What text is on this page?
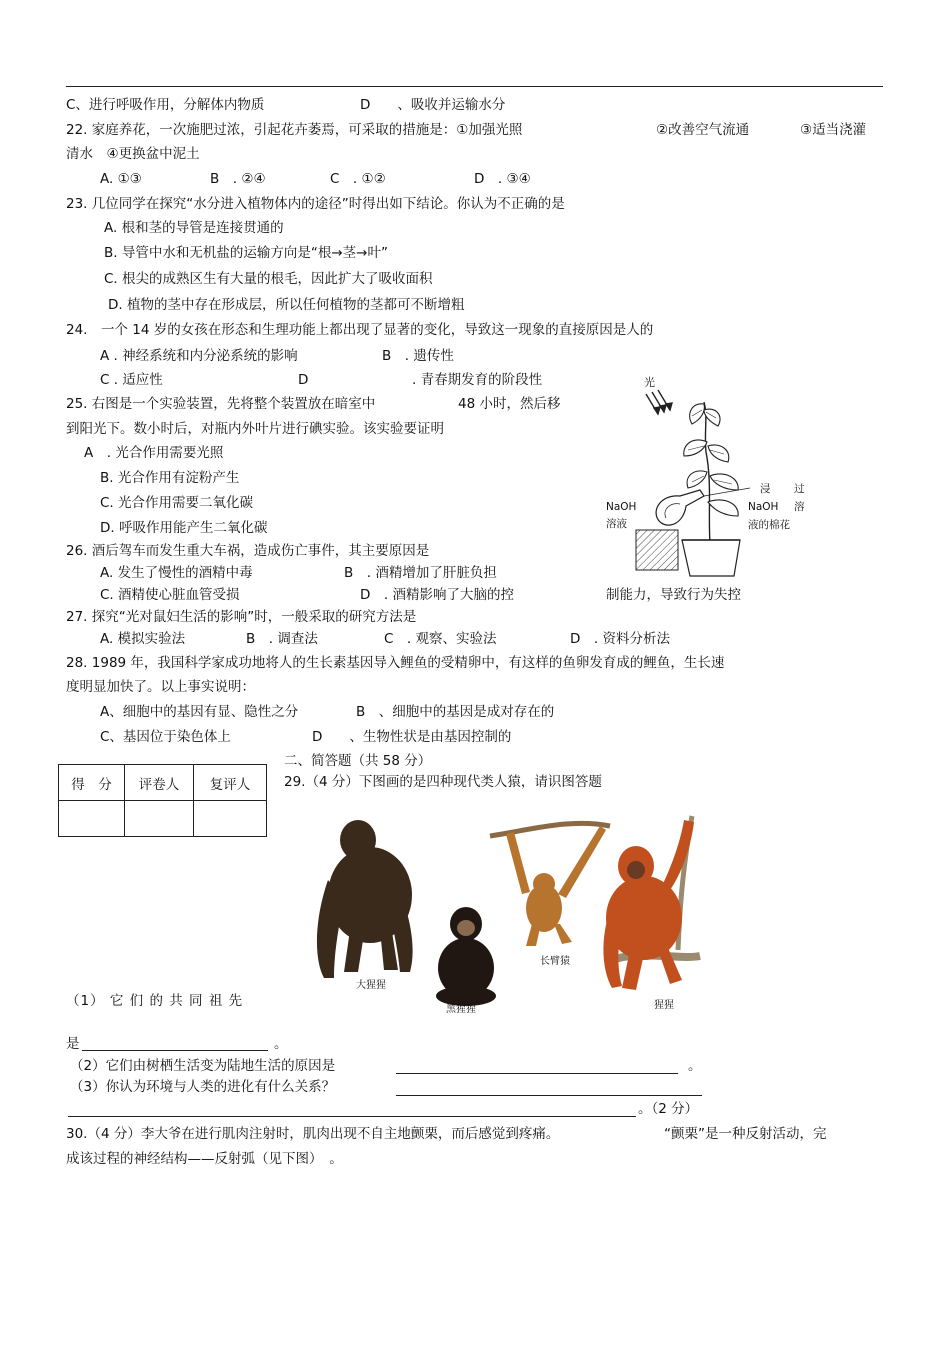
C、进行呼吸作用，分解体内物质	D　　、吸收并运输水分
22. 家庭养花，一次施肥过浓，引起花卉萎焉，可采取的措施是：①加强光照	②改善空气流通	③适当浇灌
清水　④更换盆中泥土
A. ①③	B　. ②④	C　. ①②	D　. ③④
23. 几位同学在探究“水分进入植物体内的途径”时得出如下结论。你认为不正确的是
A. 根和茎的导管是连接贯通的
B. 导管中水和无机盐的运输方向是“根→茎→叶”
C. 根尖的成熟区生有大量的根毛，因此扩大了吸收面积
D. 植物的茎中存在形成层，所以任何植物的茎都可不断增粗
24.　一个 14 岁的女孩在形态和生理功能上都出现了显著的变化，导致这一现象的直接原因是人的
A . 神经系统和内分泌系统的影响	B　. 遗传性
C . 适应性	D	. 青春期发育的阶段性
25. 右图是一个实验装置，先将整个装置放在暗室中	48 小时，然后移
到阳光下。数小时后，对瓶内外叶片进行碘实验。该实验要证明
A　. 光合作用需要光照
B. 光合作用有淀粉产生
C. 光合作用需要二氧化碳
D. 呼吸作用能产生二氧化碳
光
NaOH
溶液
浸 过
NaOH 溶
液的棉花
26. 酒后驾车而发生重大车祸，造成伤亡事件，其主要原因是
A. 发生了慢性的酒精中毒	B　. 酒精增加了肝脏负担
C. 酒精使心脏血管受损	D　. 酒精影响了大脑的控	制能力，导致行为失控
27. 探究“光对鼠妇生活的影响”时，一般采取的研究方法是
A. 模拟实验法	B　. 调查法	C　. 观察、实验法	D　. 资料分析法
28. 1989 年，我国科学家成功地将人的生长素基因导入鲤鱼的受精卵中，有这样的鱼卵发育成的鲤鱼，生长速
度明显加快了。以上事实说明：
A、细胞中的基因有显、隐性之分	B　、细胞中的基因是成对存在的
C、基因位于染色体上	D　　、生物性状是由基因控制的
二、简答题（共 58 分）
29.（4 分）下图画的是四种现代类人猿，请识图答题
得　分	评卷人	复评人

大猩猩
黑猩猩
长臂猿
猩猩
（1） 它 们 的 共 同 祖 先
是	。
（2）它们由树栖生活变为陆地生活的原因是	。
（3）你认为环境与人类的进化有什么关系？
。（2 分）
30.（4 分）李大爷在进行肌肉注射时，肌肉出现不自主地颤栗，而后感觉到疼痛。	“颤栗”是一种反射活动，完
成该过程的神经结构——反射弧（见下图）　。
